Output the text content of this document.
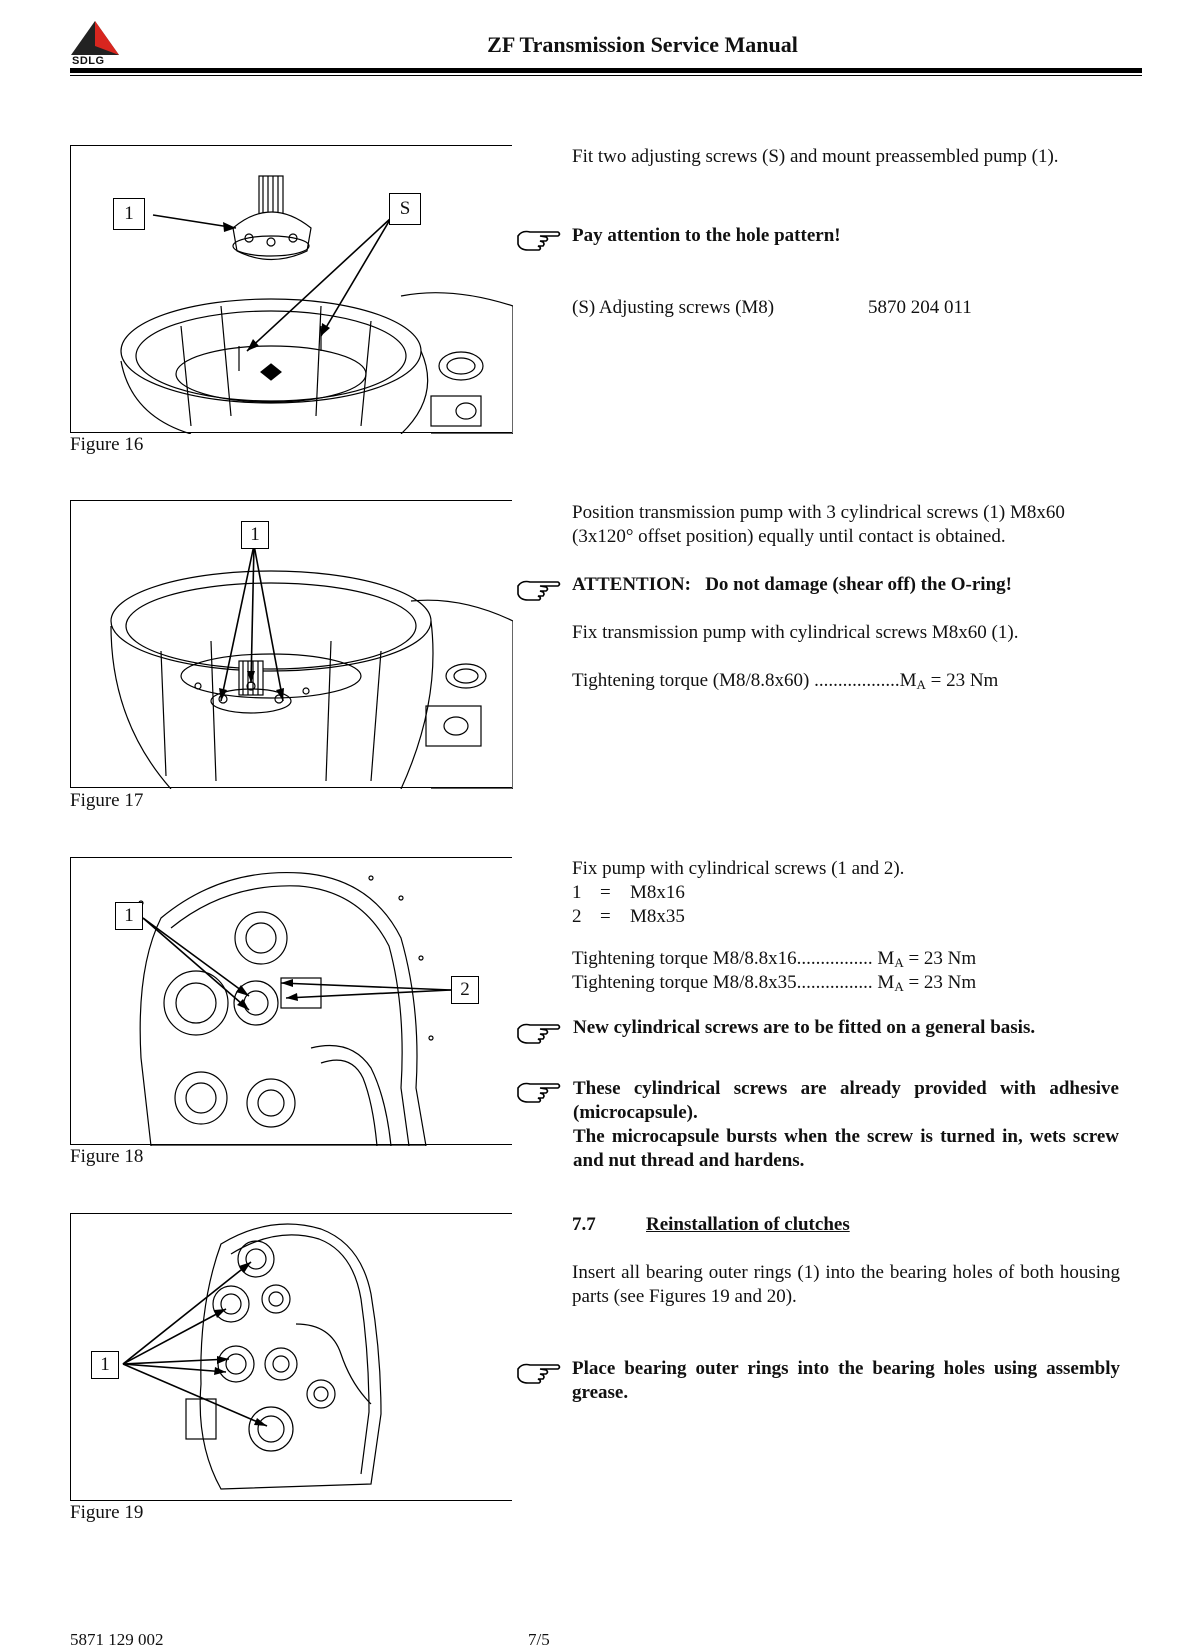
SDLG
ZF Transmission Service Manual
1	S
Figure 16
Fit two adjusting screws (S) and mount preassembled pump (1).
Pay attention to the hole pattern!
(S) Adjusting screws (M8)	5870 204 011
1
Figure 17
Position transmission pump with 3 cylindrical screws (1) M8x60 (3x120° offset position) equally until contact is obtained.
ATTENTION:   Do not damage (shear off) the O-ring!
Fix transmission pump with cylindrical screws M8x60 (1).
Tightening torque (M8/8.8x60) $..................M_A = 23$ Nm
1
2
Figure 18
Fix pump with cylindrical screws (1 and 2).
1 = M8x16
2 = M8x35
Tightening torque M8/8.8x16................ $M_A = 23$ Nm
Tightening torque M8/8.8x35................ $M_A = 23$ Nm
New cylindrical screws are to be fitted on a general basis.
These cylindrical screws are already provided with adhesive (microcapsule).
The microcapsule bursts when the screw is turned in, wets screw and nut thread and hardens.
1
Figure 19
7.7	Reinstallation of clutches
Insert all bearing outer rings (1) into the bearing holes of both housing parts (see Figures 19 and 20).
Place bearing outer rings into the bearing holes using assembly grease.
5871 129 002	7/5
